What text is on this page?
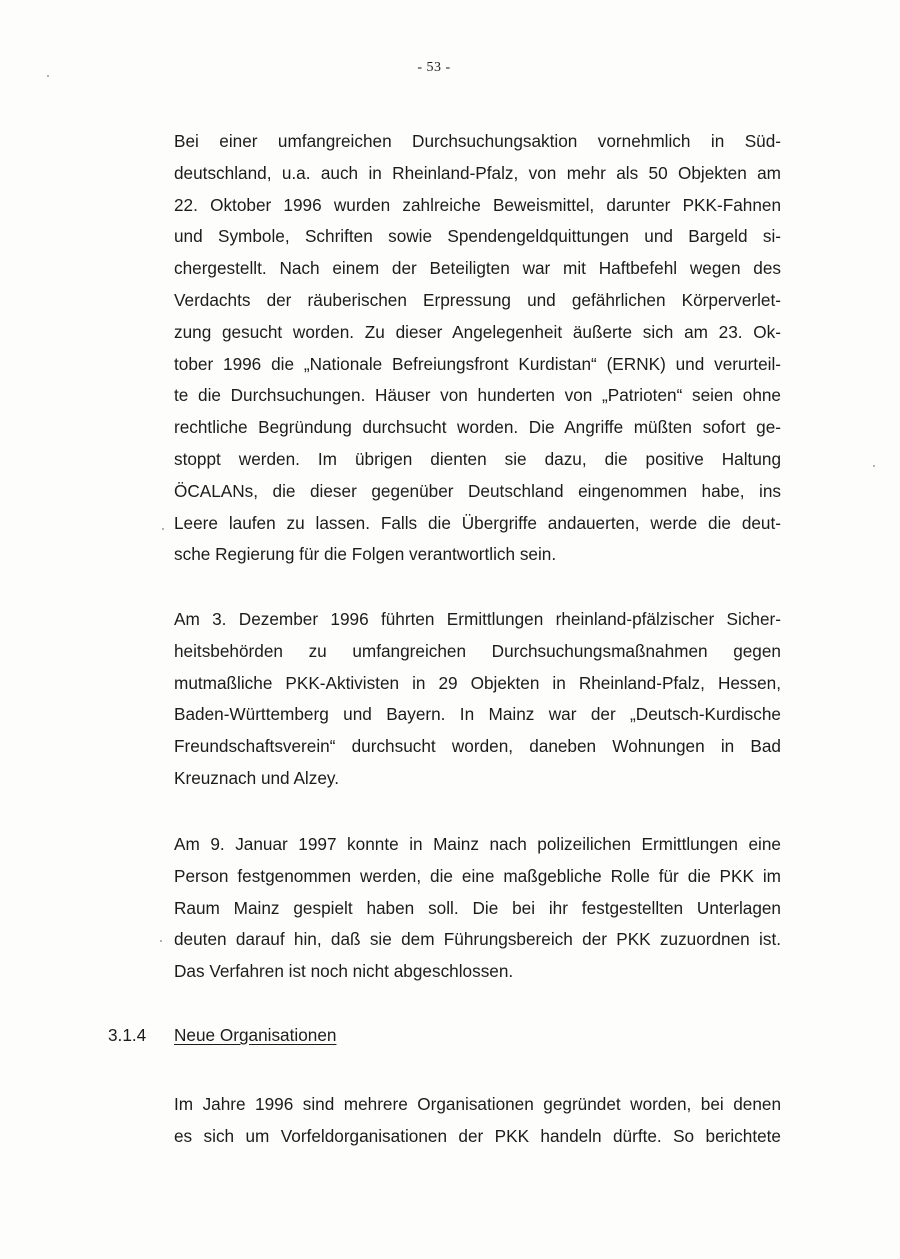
- 53 -

Bei einer umfangreichen Durchsuchungsaktion vornehmlich in Süd-
deutschland, u.a. auch in Rheinland-Pfalz, von mehr als 50 Objekten am
22. Oktober 1996 wurden zahlreiche Beweismittel, darunter PKK-Fahnen
und Symbole, Schriften sowie Spendengeldquittungen und Bargeld si-
chergestellt. Nach einem der Beteiligten war mit Haftbefehl wegen des
Verdachts der räuberischen Erpressung und gefährlichen Körperverlet-
zung gesucht worden. Zu dieser Angelegenheit äußerte sich am 23. Ok-
tober 1996 die „Nationale Befreiungsfront Kurdistan“ (ERNK) und verurteil-
te die Durchsuchungen. Häuser von hunderten von „Patrioten“ seien ohne
rechtliche Begründung durchsucht worden. Die Angriffe müßten sofort ge-
stoppt werden. Im übrigen dienten sie dazu, die positive Haltung
ÖCALANs, die dieser gegenüber Deutschland eingenommen habe, ins
Leere laufen zu lassen. Falls die Übergriffe andauerten, werde die deut-
sche Regierung für die Folgen verantwortlich sein.

Am 3. Dezember 1996 führten Ermittlungen rheinland-pfälzischer Sicher-
heitsbehörden zu umfangreichen Durchsuchungsmaßnahmen gegen
mutmaßliche PKK-Aktivisten in 29 Objekten in Rheinland-Pfalz, Hessen,
Baden-Württemberg und Bayern. In Mainz war der „Deutsch-Kurdische
Freundschaftsverein“ durchsucht worden, daneben Wohnungen in Bad
Kreuznach und Alzey.

Am 9. Januar 1997 konnte in Mainz nach polizeilichen Ermittlungen eine
Person festgenommen werden, die eine maßgebliche Rolle für die PKK im
Raum Mainz gespielt haben soll. Die bei ihr festgestellten Unterlagen
deuten darauf hin, daß sie dem Führungsbereich der PKK zuzuordnen ist.
Das Verfahren ist noch nicht abgeschlossen.

3.1.4 Neue Organisationen

Im Jahre 1996 sind mehrere Organisationen gegründet worden, bei denen
es sich um Vorfeldorganisationen der PKK handeln dürfte. So berichtete
